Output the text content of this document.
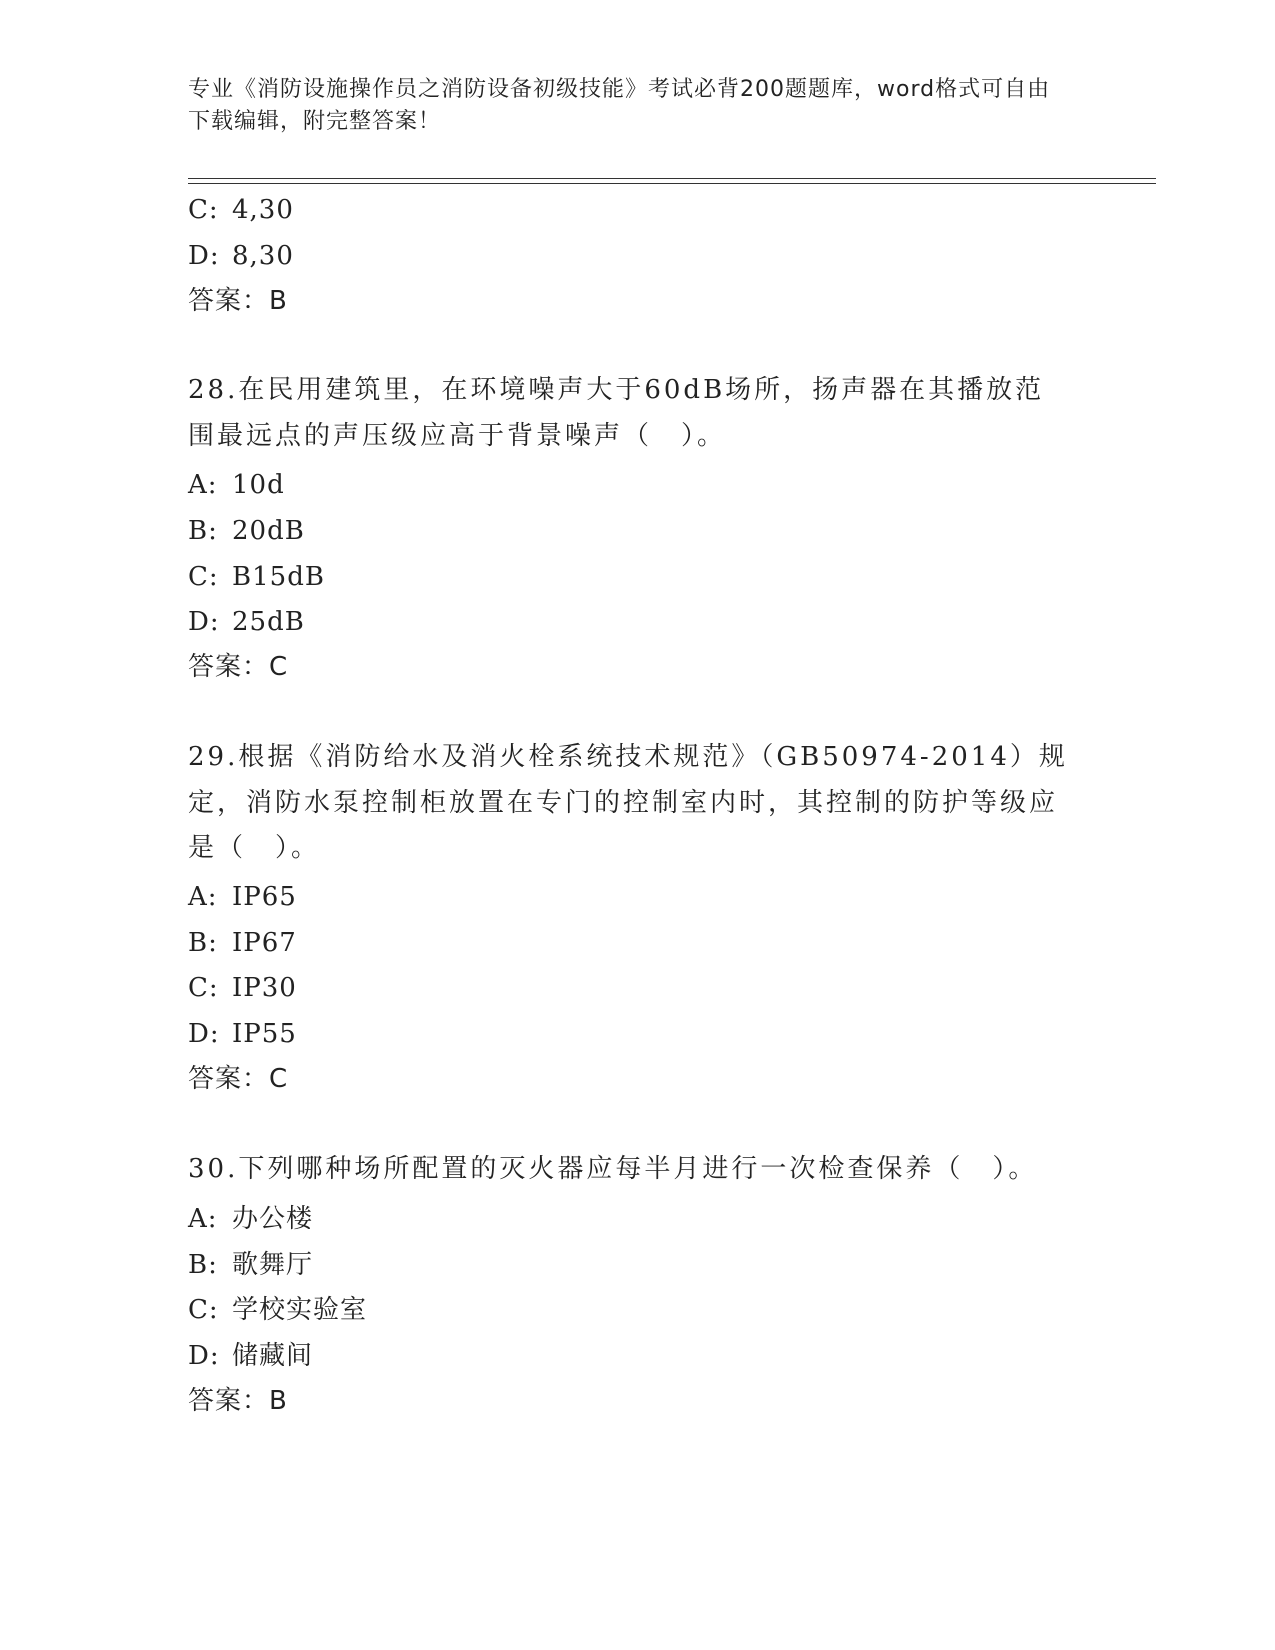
专业《消防设施操作员之消防设备初级技能》考试必背200题题库，word格式可自由下载编辑，附完整答案！
C: 4,30
D: 8,30
答案：B
28.在民用建筑里，在环境噪声大于60dB场所，扬声器在其播放范围最远点的声压级应高于背景噪声（　）。
A: 10d
B: 20dB
C: B15dB
D: 25dB
答案：C
29.根据《消防给水及消火栓系统技术规范》（GB50974-2014）规定，消防水泵控制柜放置在专门的控制室内时，其控制的防护等级应是（　）。
A: IP65
B: IP67
C: IP30
D: IP55
答案：C
30.下列哪种场所配置的灭火器应每半月进行一次检查保养（　）。
A: 办公楼
B: 歌舞厅
C: 学校实验室
D: 储藏间
答案：B
